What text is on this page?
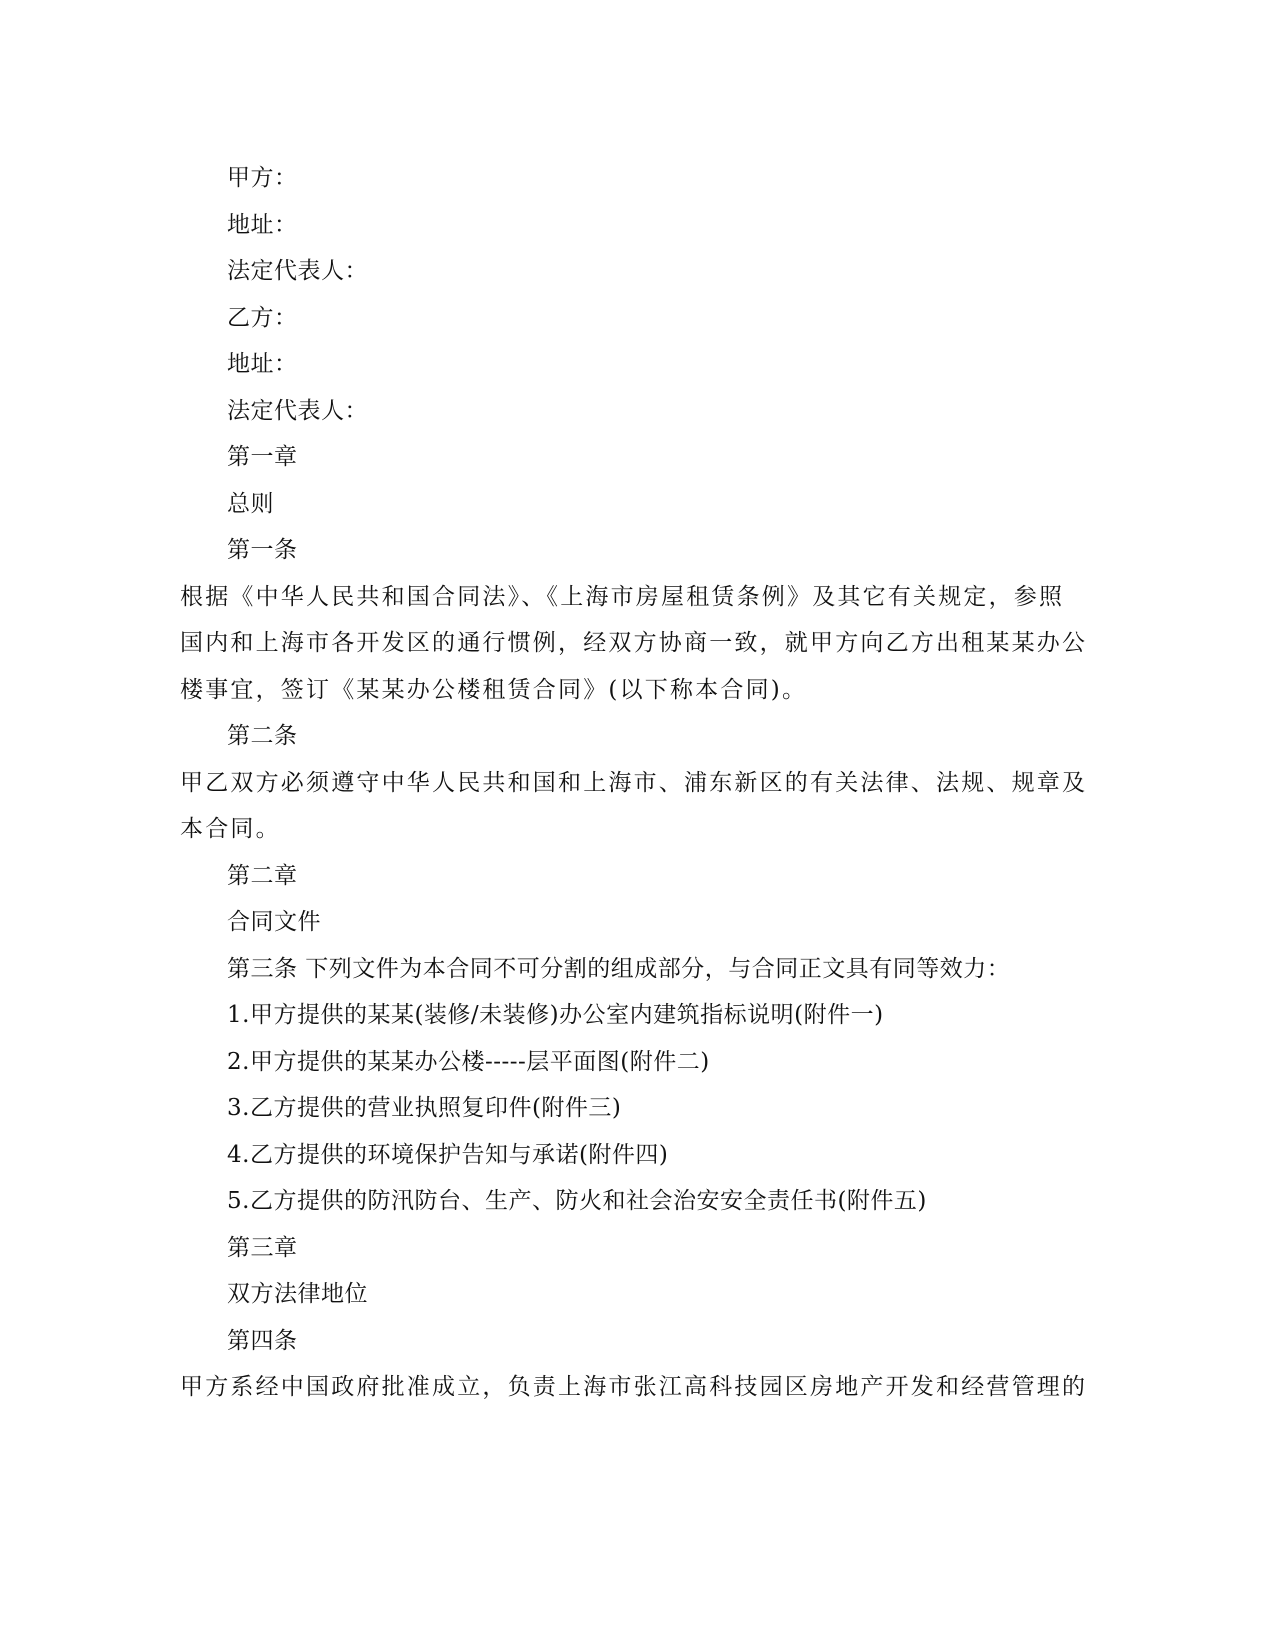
甲方：
地址：
法定代表人：
乙方：
地址：
法定代表人：
第一章
总则
第一条
根据《中华人民共和国合同法》、《上海市房屋租赁条例》及其它有关规定，参照
国内和上海市各开发区的通行惯例，经双方协商一致，就甲方向乙方出租某某办公
楼事宜，签订《某某办公楼租赁合同》(以下称本合同)。
第二条
甲乙双方必须遵守中华人民共和国和上海市、浦东新区的有关法律、法规、规章及
本合同。
第二章
合同文件
第三条 下列文件为本合同不可分割的组成部分，与合同正文具有同等效力：
1.甲方提供的某某(装修/未装修)办公室内建筑指标说明(附件一)
2.甲方提供的某某办公楼-----层平面图(附件二)
3.乙方提供的营业执照复印件(附件三)
4.乙方提供的环境保护告知与承诺(附件四)
5.乙方提供的防汛防台、生产、防火和社会治安安全责任书(附件五)
第三章
双方法律地位
第四条
甲方系经中国政府批准成立，负责上海市张江高科技园区房地产开发和经营管理的
